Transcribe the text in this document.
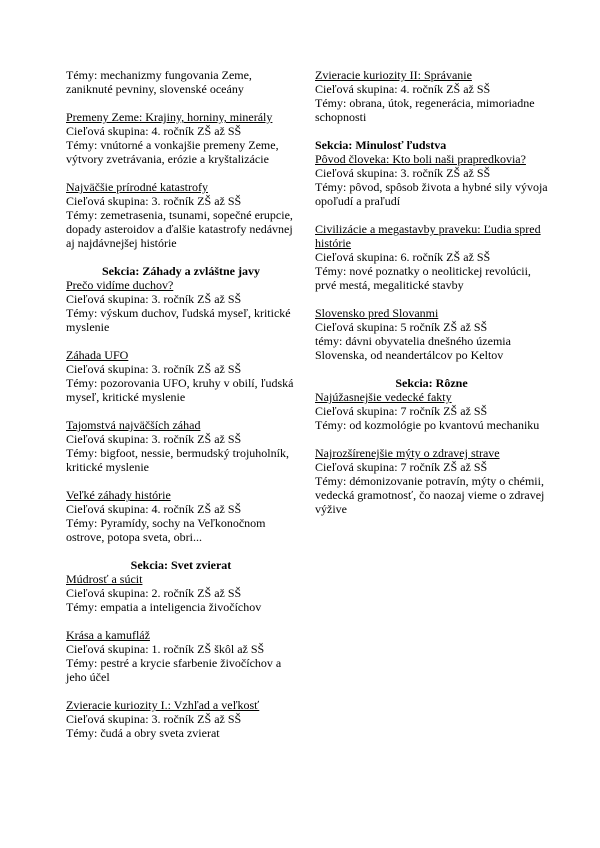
Témy: mechanizmy fungovania Zeme, zaniknuté pevniny, slovenské oceány
Premeny Zeme: Krajiny, horniny, minerály
Cieľová skupina: 4. ročník ZŠ až SŠ
Témy: vnútorné a vonkajšie premeny Zeme, výtvory zvetrávania, erózie a kryštalizácie
Najväčšie prírodné katastrofy
Cieľová skupina: 3. ročník ZŠ až SŠ
Témy: zemetrasenia, tsunami, sopečné erupcie, dopady asteroidov a ďalšie katastrofy nedávnej aj najdávnejšej histórie
Sekcia: Záhady a zvláštne javy
Prečo vidíme duchov?
Cieľová skupina: 3. ročník ZŠ až SŠ
Témy: výskum duchov, ľudská myseľ, kritické myslenie
Záhada UFO
Cieľová skupina: 3. ročník ZŠ až SŠ
Témy: pozorovania UFO, kruhy v obilí, ľudská myseľ, kritické myslenie
Tajomstvá najväčších záhad
Cieľová skupina: 3. ročník ZŠ až SŠ
Témy: bigfoot, nessie, bermudský trojuholník, kritické myslenie
Veľké záhady histórie
Cieľová skupina: 4. ročník ZŠ až SŠ
Témy: Pyramídy, sochy na Veľkonočnom ostrove, potopa sveta, obri...
Sekcia: Svet zvierat
Múdrosť a súcit
Cieľová skupina: 2. ročník ZŠ až SŠ
Témy: empatia a inteligencia živočíchov
Krása a kamufláž
Cieľová skupina: 1. ročník ZŠ škôl až SŠ
Témy: pestré a krycie sfarbenie živočíchov a jeho účel
Zvieracie kuriozity I.: Vzhľad a veľkosť
Cieľová skupina: 3. ročník ZŠ až SŠ
Témy: čudá a obry sveta zvierat
Zvieracie kuriozity II: Správanie
Cieľová skupina: 4. ročník ZŠ až SŠ
Témy: obrana, útok, regenerácia, mimoriadne schopnosti
Sekcia: Minulosť ľudstva
Pôvod človeka: Kto boli naši prapredkovia?
Cieľová skupina: 3. ročník ZŠ až SŠ
Témy: pôvod, spôsob života a hybné sily vývoja opoľudí a praľudí
Civilizácie a megastavby praveku: Ľudia spred histórie
Cieľová skupina: 6. ročník ZŠ až SŠ
Témy: nové poznatky o neolitickej revolúcii, prvé mestá, megalitické stavby
Slovensko pred Slovanmi
Cieľová skupina: 5 ročník ZŠ až SŠ
témy: dávni obyvatelia dnešného územia Slovenska, od neandertálcov po Keltov
Sekcia: Rôzne
Najúžasnejšie vedecké fakty
Cieľová skupina: 7 ročník ZŠ až SŠ
Témy: od kozmológie po kvantovú mechaniku
Najrozšírenejšie mýty o zdravej strave
Cieľová skupina: 7 ročník ZŠ až SŠ
Témy: démonizovanie potravín, mýty o chémii, vedecká gramotnosť, čo naozaj vieme o zdravej výžive
